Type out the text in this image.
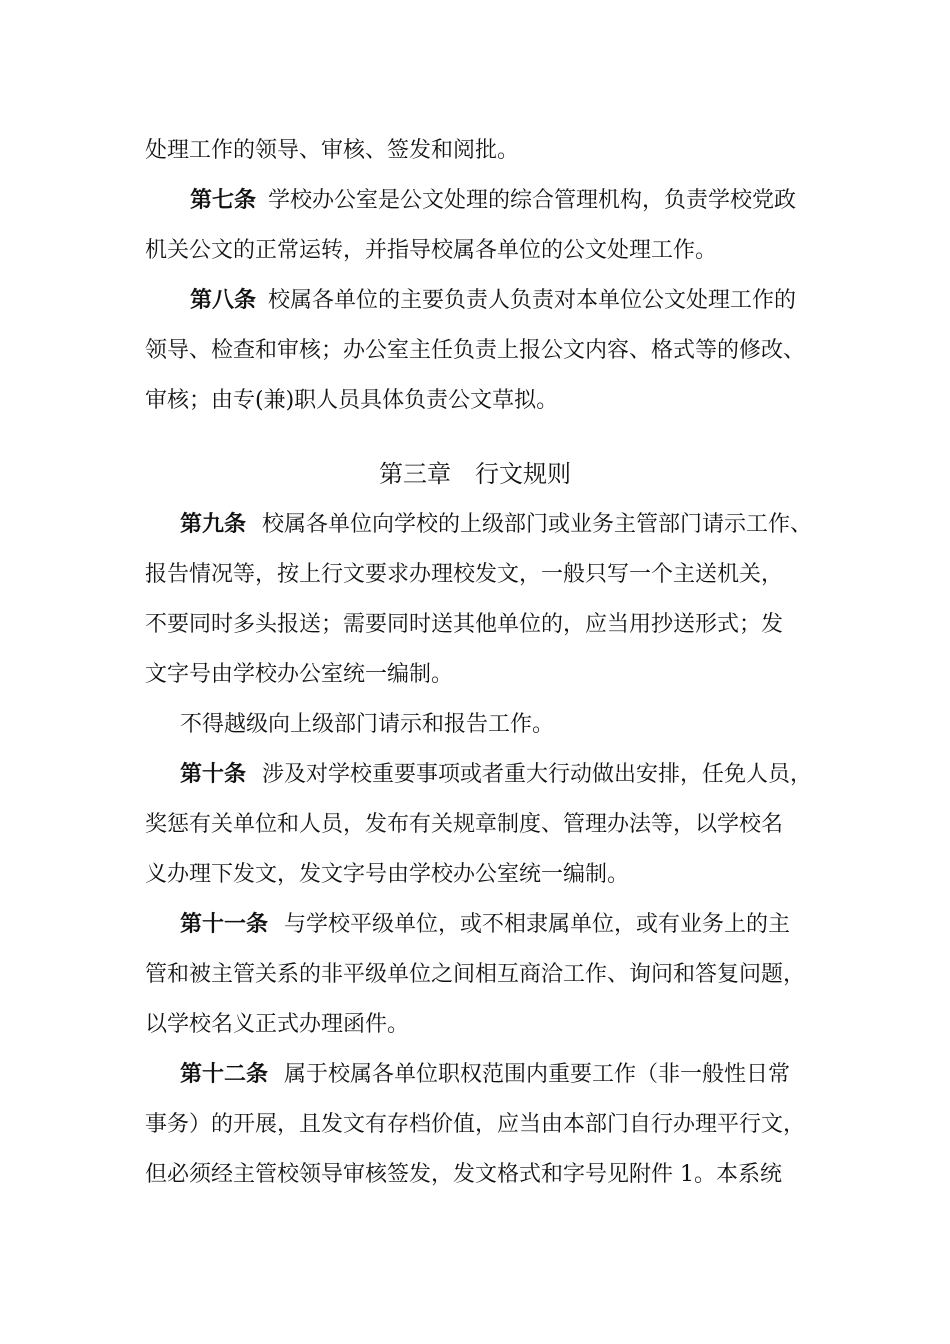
处理工作的领导、审核、签发和阅批。
第七条 学校办公室是公文处理的综合管理机构，负责学校党政
机关公文的正常运转，并指导校属各单位的公文处理工作。
第八条 校属各单位的主要负责人负责对本单位公文处理工作的
领导、检查和审核；办公室主任负责上报公文内容、格式等的修改、
审核；由专(兼)职人员具体负责公文草拟。
第三章　行文规则
第九条 校属各单位向学校的上级部门或业务主管部门请示工作、
报告情况等，按上行文要求办理校发文，一般只写一个主送机关，
不要同时多头报送；需要同时送其他单位的，应当用抄送形式；发
文字号由学校办公室统一编制。
不得越级向上级部门请示和报告工作。
第十条 涉及对学校重要事项或者重大行动做出安排，任免人员，
奖惩有关单位和人员，发布有关规章制度、管理办法等，以学校名
义办理下发文，发文字号由学校办公室统一编制。
第十一条 与学校平级单位，或不相隶属单位，或有业务上的主
管和被主管关系的非平级单位之间相互商洽工作、询问和答复问题，
以学校名义正式办理函件。
第十二条 属于校属各单位职权范围内重要工作（非一般性日常
事务）的开展，且发文有存档价值，应当由本部门自行办理平行文，
但必须经主管校领导审核签发，发文格式和字号见附件 1。本系统
